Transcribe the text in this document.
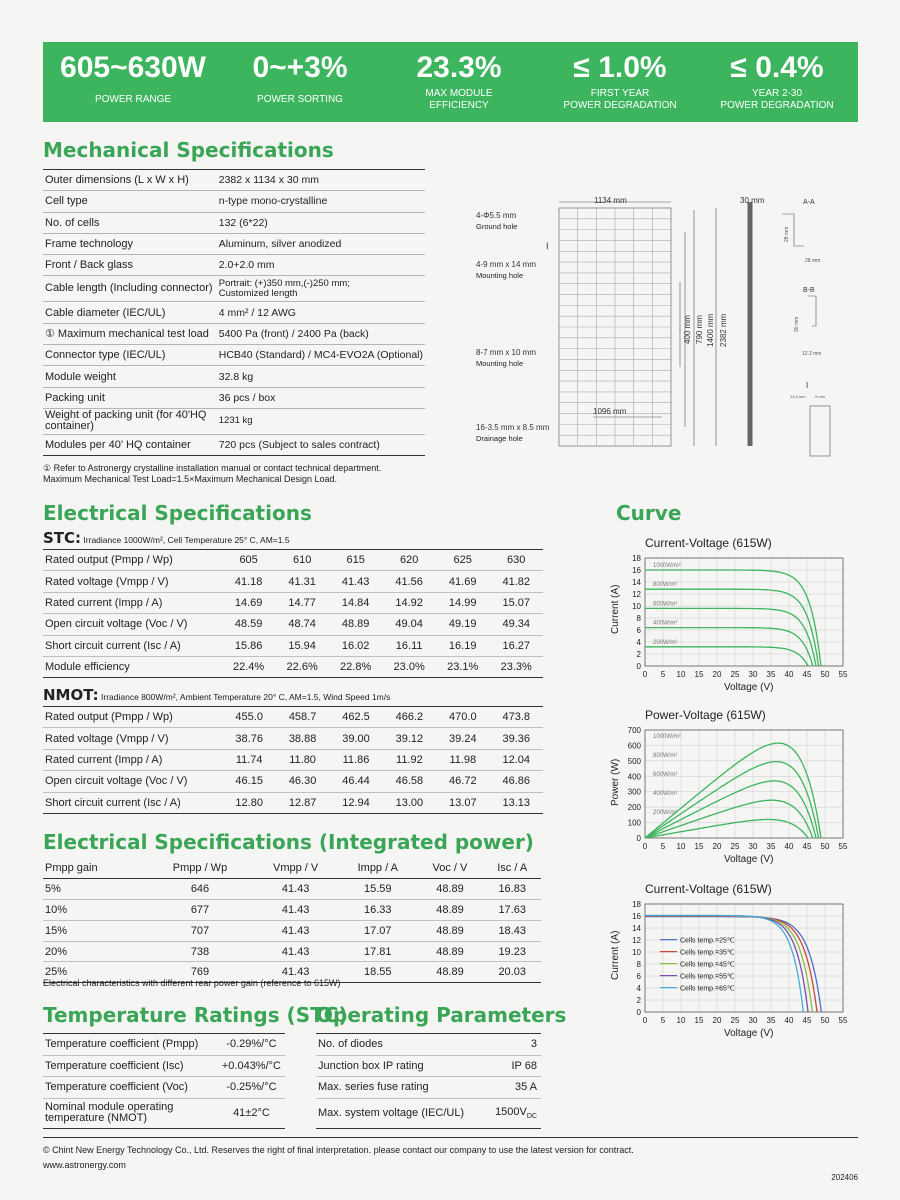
605~630W
POWER RANGE
0~+3%
POWER SORTING
23.3%
MAX MODULE
EFFICIENCY
≤ 1.0%
FIRST YEAR
POWER DEGRADATION
≤ 0.4%
YEAR 2-30
POWER DEGRADATION
Mechanical Specifications
Outer dimensions (L x W x H)	2382 x 1134 x 30 mm
Cell type	n-type mono-crystalline
No. of cells	132 (6*22)
Frame technology	Aluminum, silver anodized
Front / Back glass	2.0+2.0 mm
Cable length (Including connector)	Portrait: (+)350 mm,(-)250 mm;
Customized length
Cable diameter (IEC/UL)	4 mm² / 12 AWG
① Maximum mechanical test load	5400 Pa (front) / 2400 Pa (back)
Connector type (IEC/UL)	HCB40 (Standard) / MC4-EVO2A (Optional)
Module weight	32.8 kg
Packing unit	36 pcs / box
Weight of packing unit (for 40'HQ container)	1231 kg
Modules per 40' HQ container	720 pcs (Subject to sales contract)
① Refer to Astronergy crystalline installation manual or contact technical department.
Maximum Mechanical Test Load=1.5×Maximum Mechanical Design Load.
1134 mm	30 mm	A-A
B-B
I
I
4-Φ5.5 mm
Ground hole
4-9 mm x 14 mm
Mounting hole
8-7 mm x 10 mm
Mounting hole
16-3.5 mm x 8.5 mm
Drainage hole
1096 mm
400 mm 790 mm 1400 mm 2382 mm
28 mm
28 mm
30 mm
12.2 mm
14.5 mm 9 mm
Electrical Specifications
STC: Irradiance 1000W/m², Cell Temperature 25° C, AM=1.5
Rated output (Pmpp / Wp)	605	610	615	620	625	630
Rated voltage (Vmpp / V)	41.18	41.31	41.43	41.56	41.69	41.82
Rated current (Impp / A)	14.69	14.77	14.84	14.92	14.99	15.07
Open circuit voltage (Voc / V)	48.59	48.74	48.89	49.04	49.19	49.34
Short circuit current (Isc / A)	15.86	15.94	16.02	16.11	16.19	16.27
Module efficiency	22.4%	22.6%	22.8%	23.0%	23.1%	23.3%
NMOT: Irradiance 800W/m², Ambient Temperature 20° C, AM=1.5, Wind Speed 1m/s
Rated output (Pmpp / Wp)	455.0	458.7	462.5	466.2	470.0	473.8
Rated voltage (Vmpp / V)	38.76	38.88	39.00	39.12	39.24	39.36
Rated current (Impp / A)	11.74	11.80	11.86	11.92	11.98	12.04
Open circuit voltage (Voc / V)	46.15	46.30	46.44	46.58	46.72	46.86
Short circuit current (Isc / A)	12.80	12.87	12.94	13.00	13.07	13.13
Electrical Specifications (Integrated power)
Pmpp gain	Pmpp / Wp	Vmpp / V	Impp / A	Voc / V	Isc / A
5%	646	41.43	15.59	48.89	16.83
10%	677	41.43	16.33	48.89	17.63
15%	707	41.43	17.07	48.89	18.43
20%	738	41.43	17.81	48.89	19.23
25%	769	41.43	18.55	48.89	20.03
Electrical characteristics with different rear power gain (reference to 615W)
Temperature Ratings (STC)
Operating Parameters
Temperature coefficient (Pmpp)	-0.29%/°C
Temperature coefficient (Isc)	+0.043%/°C
Temperature coefficient (Voc)	-0.25%/°C
Nominal module operating temperature (NMOT)	41±2°C
No. of diodes	3
Junction box IP rating	IP 68
Max. series fuse rating	35 A
Max. system voltage (IEC/UL)	$1500V_{DC}$
Curve
Current-Voltage (615W)
0 5 10 15 20 25 30 35 40 45 50 55
0
2
4
6
8
10
12
14
16
18
Voltage (V)
Current (A)
1000W/m²
800W/m²
600W/m²
400W/m²
200W/m²
Power-Voltage (615W)
0 5 10 15 20 25 30 35 40 45 50 55
0
100
200
300
400
500
600
700
Voltage (V)
Power (W)
1000W/m²
800W/m²
600W/m²
400W/m²
200W/m²
Current-Voltage (615W)
0 5 10 15 20 25 30 35 40 45 50 55
0
2
4
6
8
10
12
14
16
18
Voltage (V)
Current (A)	Cells temp.=25℃
Cells temp.=35℃
Cells temp.=45℃
Cells temp.=55℃
Cells temp.=65℃
© Chint New Energy Technology Co., Ltd. Reserves the right of final interpretation. please contact our company to use the latest version for contract.
www.astronergy.com
202406
